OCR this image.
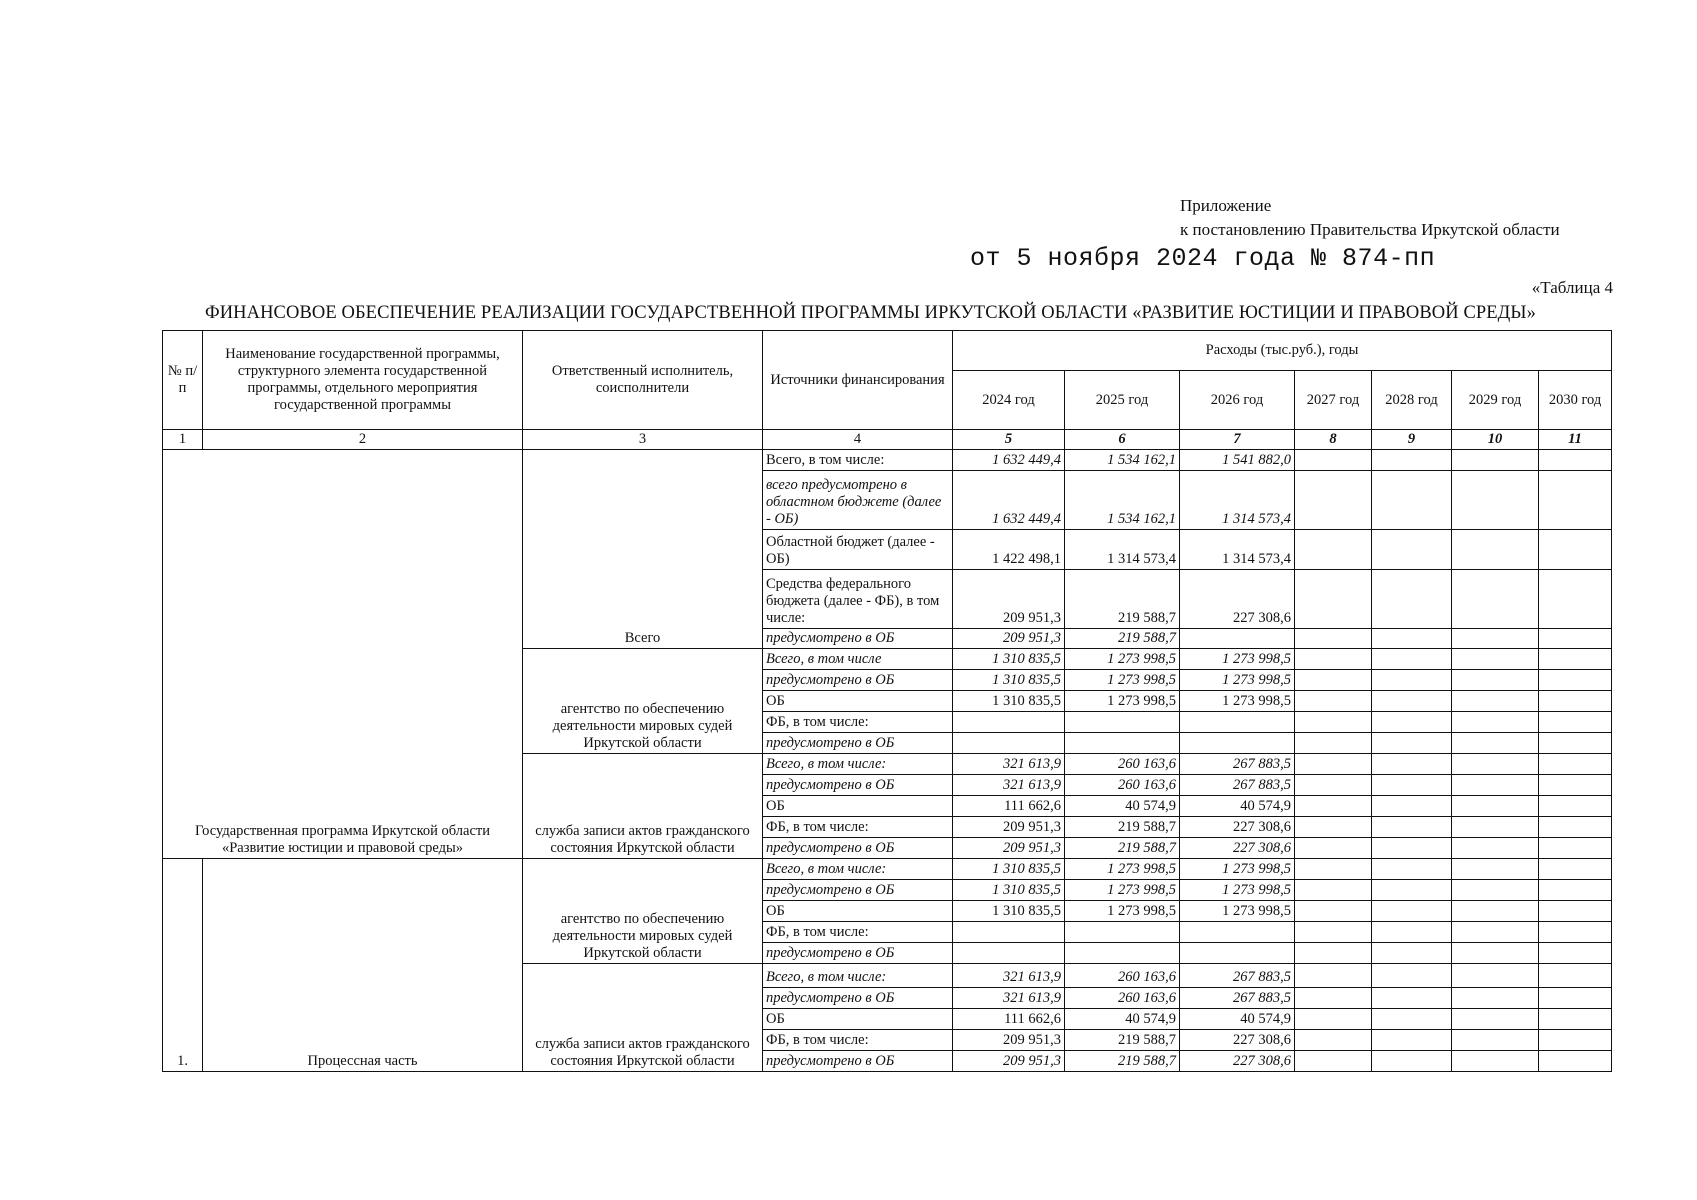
Приложение
к постановлению Правительства Иркутской области
от 5 ноября 2024 года № 874-пп
«Таблица 4
ФИНАНСОВОЕ ОБЕСПЕЧЕНИЕ РЕАЛИЗАЦИИ ГОСУДАРСТВЕННОЙ ПРОГРАММЫ ИРКУТСКОЙ ОБЛАСТИ «РАЗВИТИЕ ЮСТИЦИИ И ПРАВОВОЙ СРЕДЫ»
№ п/п	Наименование государственной программы, структурного элемента государственной программы, отдельного мероприятия государственной программы	Ответственный исполнитель, соисполнители	Источники финансирования	Расходы (тыс.руб.), годы						
				2024 год	2025 год	2026 год	2027 год	2028 год	2029 год	2030 год
1	2	3	4	5	6	7	8	9	10	11
Государственная программа Иркутской области «Развитие юстиции и правовой среды»		Всего	Всего, в том числе:	1 632 449,4	1 534 162,1	1 541 882,0				
			всего предусмотрено в областном бюджете (далее - ОБ)	1 632 449,4	1 534 162,1	1 314 573,4				
			Областной бюджет (далее - ОБ)	1 422 498,1	1 314 573,4	1 314 573,4				
			Средства федерального бюджета (далее - ФБ), в том числе:	209 951,3	219 588,7	227 308,6				
			предусмотрено в ОБ	209 951,3	219 588,7					
		агентство по обеспечению деятельности мировых судей Иркутской области	Всего, в том числе	1 310 835,5	1 273 998,5	1 273 998,5				
			предусмотрено в ОБ	1 310 835,5	1 273 998,5	1 273 998,5				
			ОБ	1 310 835,5	1 273 998,5	1 273 998,5				
			ФБ, в том числе:							
			предусмотрено в ОБ							
		служба записи актов гражданского состояния Иркутской области	Всего, в том числе:	321 613,9	260 163,6	267 883,5				
			предусмотрено в ОБ	321 613,9	260 163,6	267 883,5				
			ОБ	111 662,6	40 574,9	40 574,9				
			ФБ, в том числе:	209 951,3	219 588,7	227 308,6				
			предусмотрено в ОБ	209 951,3	219 588,7	227 308,6				
1.	Процессная часть	агентство по обеспечению деятельности мировых судей Иркутской области	Всего, в том числе:	1 310 835,5	1 273 998,5	1 273 998,5				
			предусмотрено в ОБ	1 310 835,5	1 273 998,5	1 273 998,5				
			ОБ	1 310 835,5	1 273 998,5	1 273 998,5				
			ФБ, в том числе:							
			предусмотрено в ОБ							
		служба записи актов гражданского состояния Иркутской области	Всего, в том числе:	321 613,9	260 163,6	267 883,5				
			предусмотрено в ОБ	321 613,9	260 163,6	267 883,5				
			ОБ	111 662,6	40 574,9	40 574,9				
			ФБ, в том числе:	209 951,3	219 588,7	227 308,6				
			предусмотрено в ОБ	209 951,3	219 588,7	227 308,6				
